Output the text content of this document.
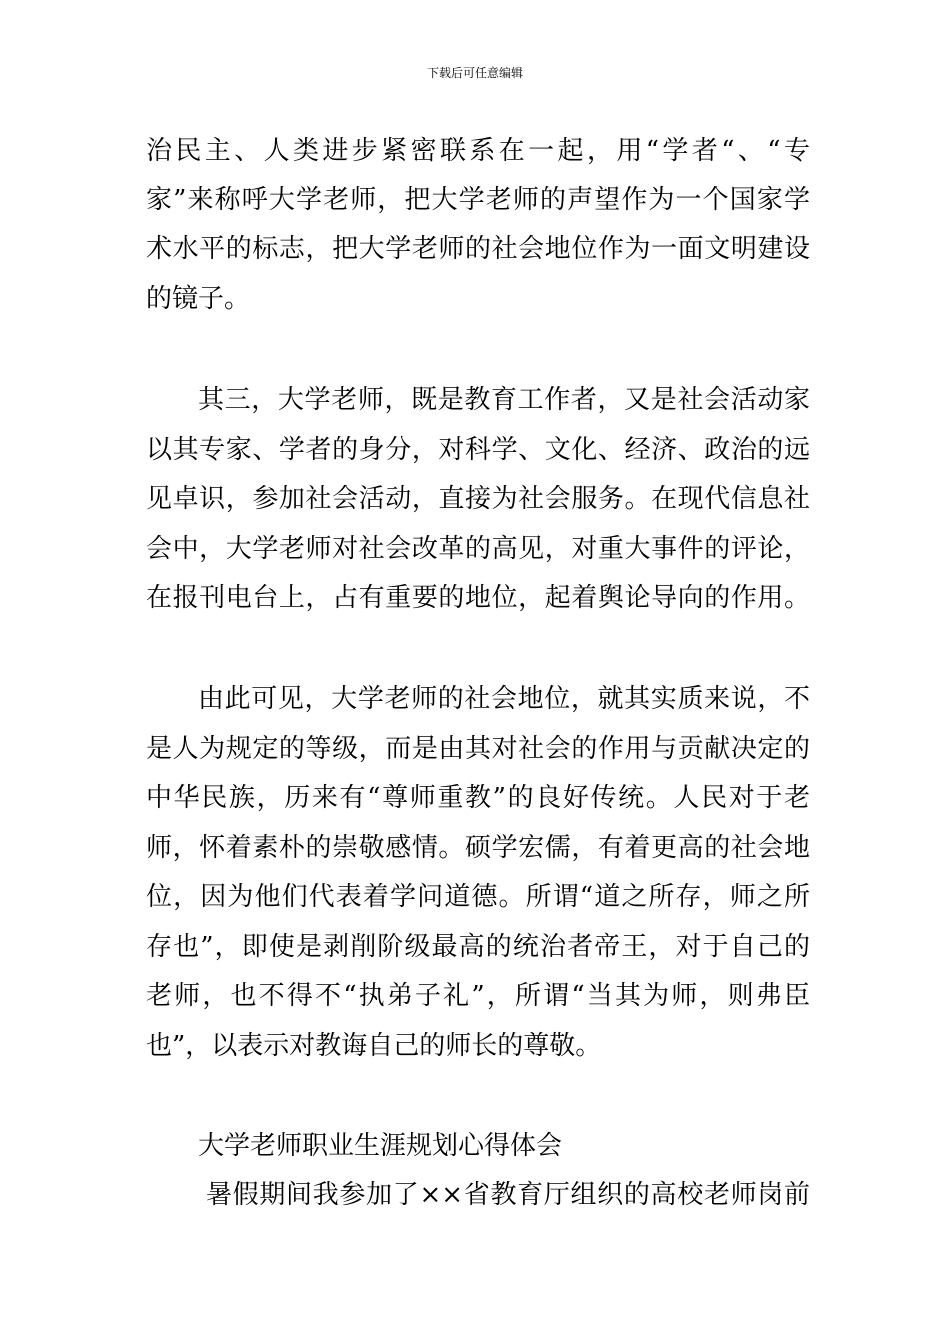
下载后可任意编辑
治民主、人类进步紧密联系在一起，用“学者“、“专
家”来称呼大学老师，把大学老师的声望作为一个国家学
术水平的标志，把大学老师的社会地位作为一面文明建设
的镜子。
其三，大学老师，既是教育工作者，又是社会活动家
以其专家、学者的身分，对科学、文化、经济、政治的远
见卓识，参加社会活动，直接为社会服务。在现代信息社
会中，大学老师对社会改革的高见，对重大事件的评论，
在报刊电台上，占有重要的地位，起着舆论导向的作用。
由此可见，大学老师的社会地位，就其实质来说，不
是人为规定的等级，而是由其对社会的作用与贡献决定的
中华民族，历来有“尊师重教”的良好传统。人民对于老
师，怀着素朴的崇敬感情。硕学宏儒，有着更高的社会地
位，因为他们代表着学问道德。所谓“道之所存，师之所
存也”，即使是剥削阶级最高的统治者帝王，对于自己的
老师，也不得不“执弟子礼”，所谓“当其为师，则弗臣
也”，以表示对教诲自己的师长的尊敬。
大学老师职业生涯规划心得体会
暑假期间我参加了××省教育厅组织的高校老师岗前
